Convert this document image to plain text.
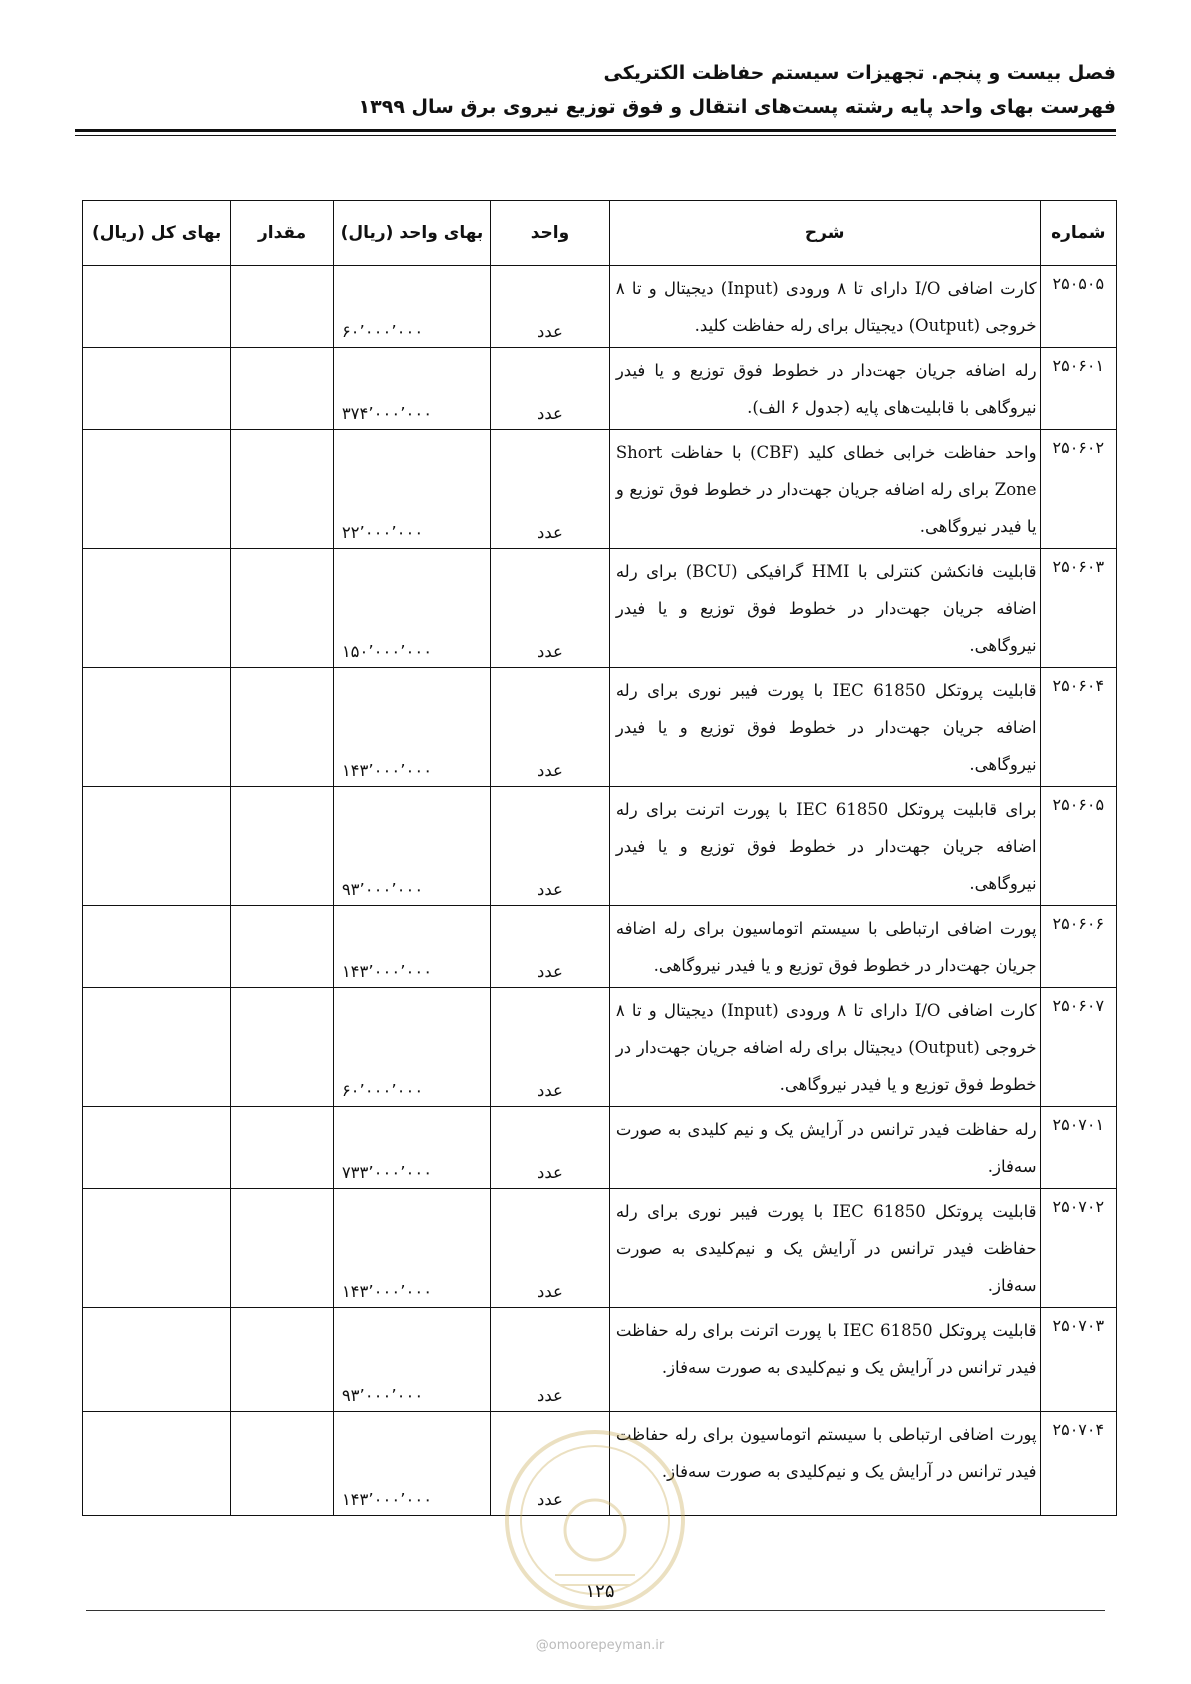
فصل بیست و پنجم. تجهیزات سیستم حفاظت الکتریکی
فهرست بهای واحد پایه رشته پست‌های انتقال و فوق توزیع نیروی برق سال ۱۳۹۹
شماره	شرح	واحد	بهای واحد (ریال)	مقدار	بهای کل (ریال)
۲۵۰۵۰۵	کارت اضافی I/O دارای تا ۸ ورودی (Input) دیجیتال و تا ۸ خروجی (Output) دیجیتال برای رله حفاظت کلید.	عدد	۶۰٬۰۰۰٬۰۰۰		
۲۵۰۶۰۱	رله اضافه جریان جهت‌دار در خطوط فوق توزیع و یا فیدر نیروگاهی با قابلیت‌های پایه (جدول ۶ الف).	عدد	۳۷۴٬۰۰۰٬۰۰۰		
۲۵۰۶۰۲	واحد حفاظت خرابی خطای کلید (CBF) با حفاظت Short Zone برای رله اضافه جریان جهت‌دار در خطوط فوق توزیع و یا فیدر نیروگاهی.	عدد	۲۲٬۰۰۰٬۰۰۰		
۲۵۰۶۰۳	قابلیت فانکشن کنترلی با HMI گرافیکی (BCU) برای رله اضافه جریان جهت‌دار در خطوط فوق توزیع و یا فیدر نیروگاهی.	عدد	۱۵۰٬۰۰۰٬۰۰۰		
۲۵۰۶۰۴	قابلیت پروتکل IEC 61850 با پورت فیبر نوری برای رله اضافه جریان جهت‌دار در خطوط فوق توزیع و یا فیدر نیروگاهی.	عدد	۱۴۳٬۰۰۰٬۰۰۰		
۲۵۰۶۰۵	برای قابلیت پروتکل IEC 61850 با پورت اترنت برای رله اضافه جریان جهت‌دار در خطوط فوق توزیع و یا فیدر نیروگاهی.	عدد	۹۳٬۰۰۰٬۰۰۰		
۲۵۰۶۰۶	پورت اضافی ارتباطی با سیستم اتوماسیون برای رله اضافه جریان جهت‌دار در خطوط فوق توزیع و یا فیدر نیروگاهی.	عدد	۱۴۳٬۰۰۰٬۰۰۰		
۲۵۰۶۰۷	کارت اضافی I/O دارای تا ۸ ورودی (Input) دیجیتال و تا ۸ خروجی (Output) دیجیتال برای رله اضافه جریان جهت‌دار در خطوط فوق توزیع و یا فیدر نیروگاهی.	عدد	۶۰٬۰۰۰٬۰۰۰		
۲۵۰۷۰۱	رله حفاظت فیدر ترانس در آرایش یک و نیم کلیدی به صورت سه‌فاز.	عدد	۷۳۳٬۰۰۰٬۰۰۰		
۲۵۰۷۰۲	قابلیت پروتکل IEC 61850 با پورت فیبر نوری برای رله حفاظت فیدر ترانس در آرایش یک و نیم‌کلیدی به صورت سه‌فاز.	عدد	۱۴۳٬۰۰۰٬۰۰۰		
۲۵۰۷۰۳	قابلیت پروتکل IEC 61850 با پورت اترنت برای رله حفاظت فیدر ترانس در آرایش یک و نیم‌کلیدی به صورت سه‌فاز.	عدد	۹۳٬۰۰۰٬۰۰۰		
۲۵۰۷۰۴	پورت اضافی ارتباطی با سیستم اتوماسیون برای رله حفاظت فیدر ترانس در آرایش یک و نیم‌کلیدی به صورت سه‌فاز.	عدد	۱۴۳٬۰۰۰٬۰۰۰		
۱۲۵
@omoorepeyman.ir
